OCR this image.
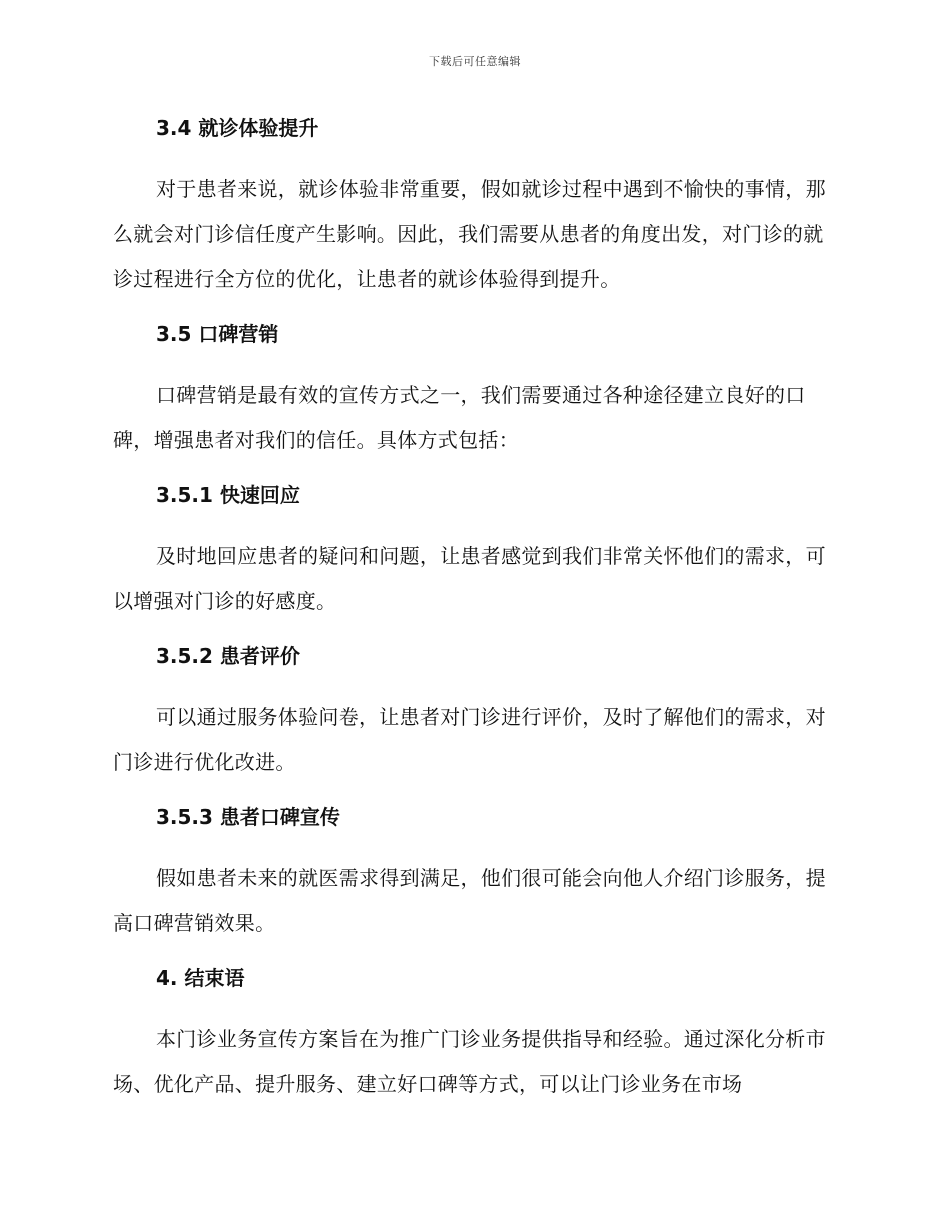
下载后可任意编辑
3.4 就诊体验提升

对于患者来说，就诊体验非常重要，假如就诊过程中遇到不愉快的事情，那么就会对门诊信任度产生影响。因此，我们需要从患者的角度出发，对门诊的就诊过程进行全方位的优化，让患者的就诊体验得到提升。

3.5 口碑营销

口碑营销是最有效的宣传方式之一，我们需要通过各种途径建立良好的口碑，增强患者对我们的信任。具体方式包括：

3.5.1 快速回应

及时地回应患者的疑问和问题，让患者感觉到我们非常关怀他们的需求，可以增强对门诊的好感度。

3.5.2 患者评价

可以通过服务体验问卷，让患者对门诊进行评价，及时了解他们的需求，对门诊进行优化改进。

3.5.3 患者口碑宣传

假如患者未来的就医需求得到满足，他们很可能会向他人介绍门诊服务，提高口碑营销效果。

4. 结束语

本门诊业务宣传方案旨在为推广门诊业务提供指导和经验。通过深化分析市场、优化产品、提升服务、建立好口碑等方式，可以让门诊业务在市场
